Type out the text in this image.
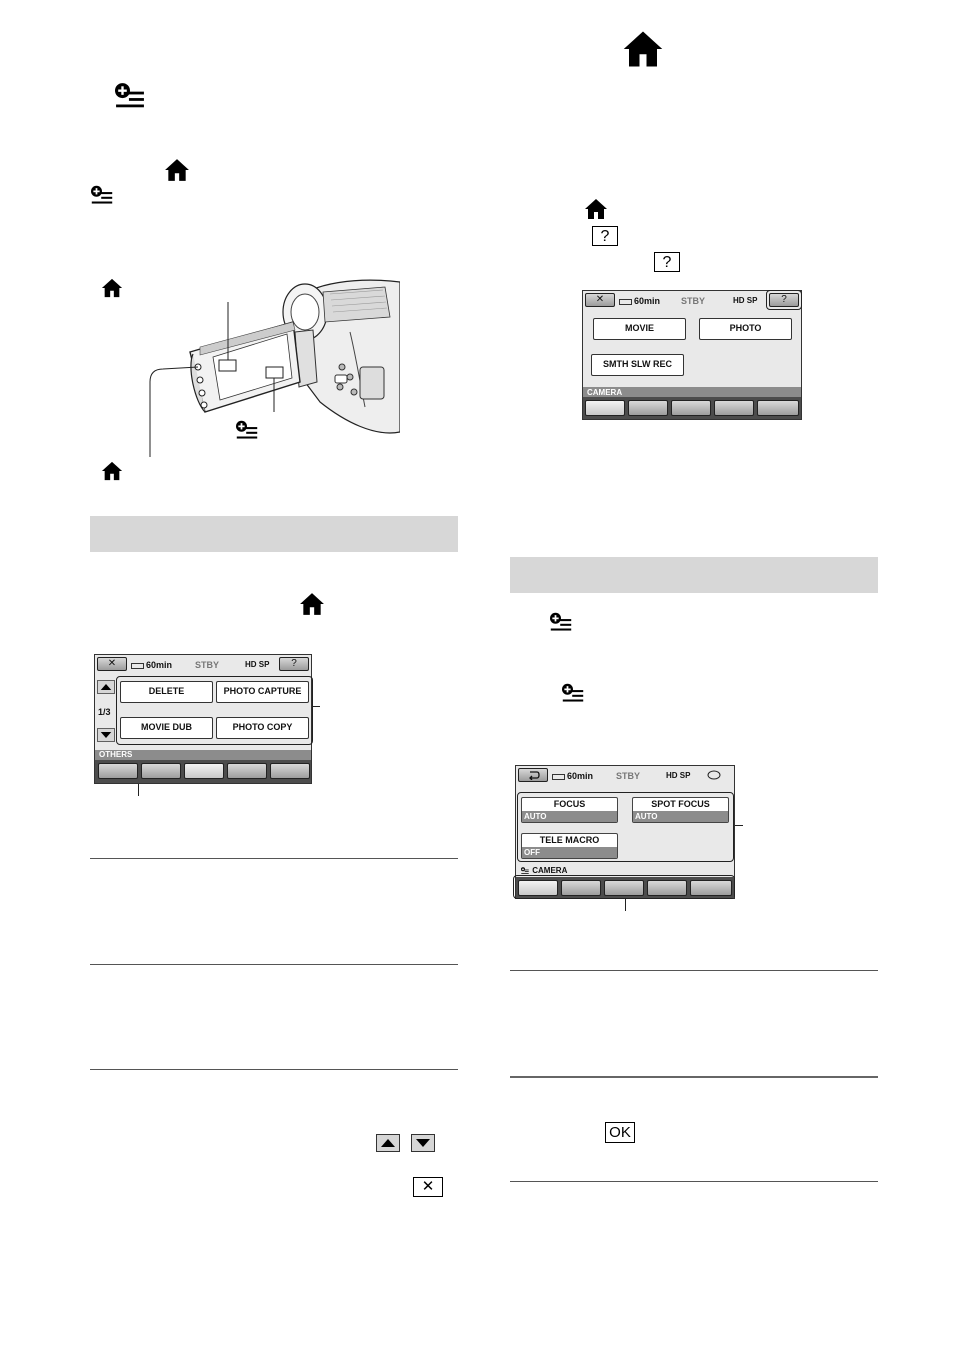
✕	60min	STBY	HD SP	?
1/3
DELETE	PHOTO CAPTURE
MOVIE DUB	PHOTO COPY
OTHERS
✕
?
?
✕	60min STBY	HD SP	?
MOVIE	PHOTO
SMTH SLW REC
CAMERA
60min	STBY	HD SP
FOCUS
AUTO
SPOT FOCUS
AUTO
TELE MACRO
OFF
CAMERA
OK
